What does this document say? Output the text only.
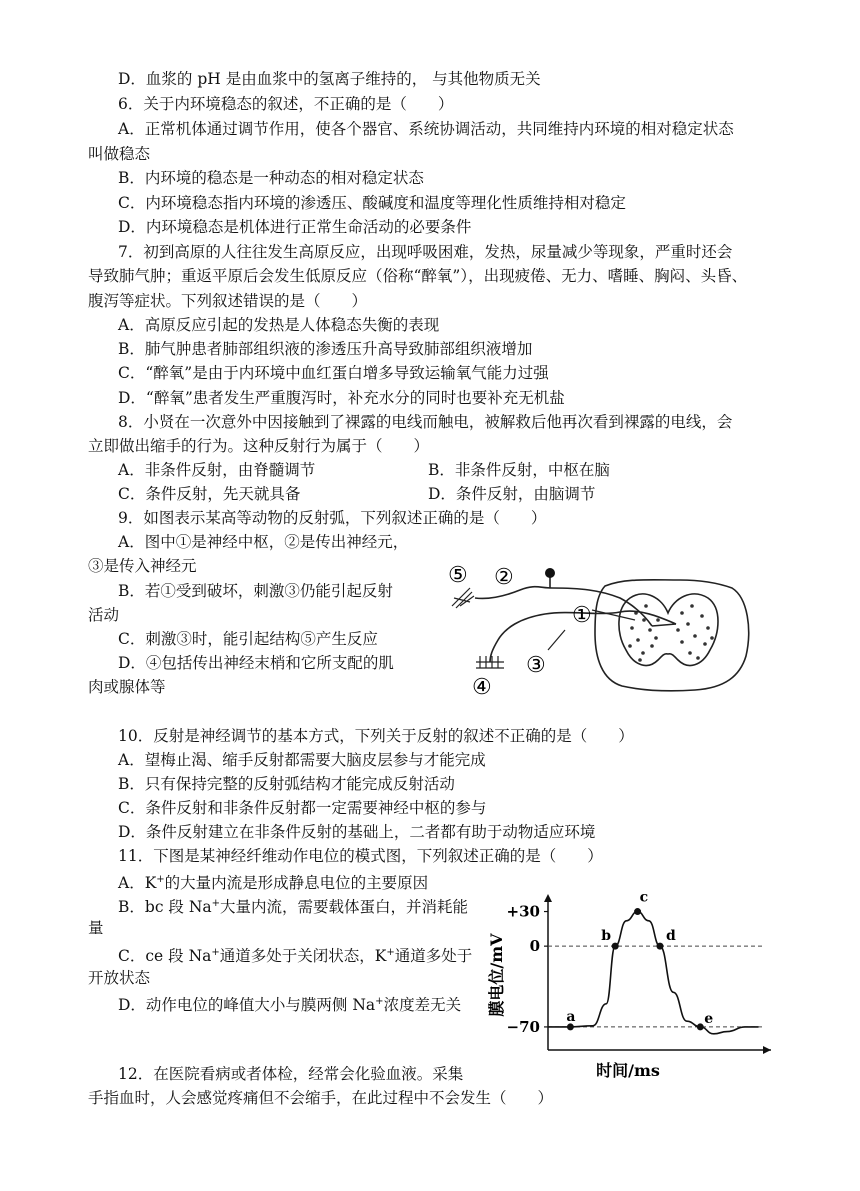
D．血浆的 pH 是由血浆中的氢离子维持的， 与其他物质无关
6．关于内环境稳态的叙述，不正确的是（　　）
A．正常机体通过调节作用，使各个器官、系统协调活动，共同维持内环境的相对稳定状态
叫做稳态
B．内环境的稳态是一种动态的相对稳定状态
C．内环境稳态指内环境的渗透压、酸碱度和温度等理化性质维持相对稳定
D．内环境稳态是机体进行正常生命活动的必要条件
7．初到高原的人往往发生高原反应，出现呼吸困难，发热，尿量减少等现象，严重时还会
导致肺气肿；重返平原后会发生低原反应（俗称“醉氧”），出现疲倦、无力、嗜睡、胸闷、头昏、
腹泻等症状。下列叙述错误的是（　　）
A．高原反应引起的发热是人体稳态失衡的表现
B．肺气肿患者肺部组织液的渗透压升高导致肺部组织液增加
C．“醉氧”是由于内环境中血红蛋白增多导致运输氧气能力过强
D．“醉氧”患者发生严重腹泻时，补充水分的同时也要补充无机盐
8．小贤在一次意外中因接触到了裸露的电线而触电，被解救后他再次看到裸露的电线，会
立即做出缩手的行为。这种反射行为属于（　　）
A．非条件反射，由脊髓调节	B．非条件反射，中枢在脑
C．条件反射，先天就具备	D．条件反射，由脑调节
9．如图表示某高等动物的反射弧，下列叙述正确的是（　　）
A．图中①是神经中枢，②是传出神经元，
③是传入神经元
B．若①受到破坏，刺激③仍能引起反射
活动
C．刺激③时，能引起结构⑤产生反应
D．④包括传出神经末梢和它所支配的肌
肉或腺体等
10．反射是神经调节的基本方式，下列关于反射的叙述不正确的是（　　）
A．望梅止渴、缩手反射都需要大脑皮层参与才能完成
B．只有保持完整的反射弧结构才能完成反射活动
C．条件反射和非条件反射都一定需要神经中枢的参与
D．条件反射建立在非条件反射的基础上，二者都有助于动物适应环境
11．下图是某神经纤维动作电位的模式图，下列叙述正确的是（　　）
A．K+的大量内流是形成静息电位的主要原因
B．bc 段 Na+大量内流，需要载体蛋白，并消耗能
量
C．ce 段 Na+通道多处于关闭状态，K+通道多处于
开放状态
D．动作电位的峰值大小与膜两侧 Na+浓度差无关
12．在医院看病或者体检，经常会化验血液。采集
手指血时，人会感觉疼痛但不会缩手，在此过程中不会发生（　　）
⑤ ②
①
③
④
+30
0
−70
a
b
c
d
e
膜电位/mV
时间/ms
